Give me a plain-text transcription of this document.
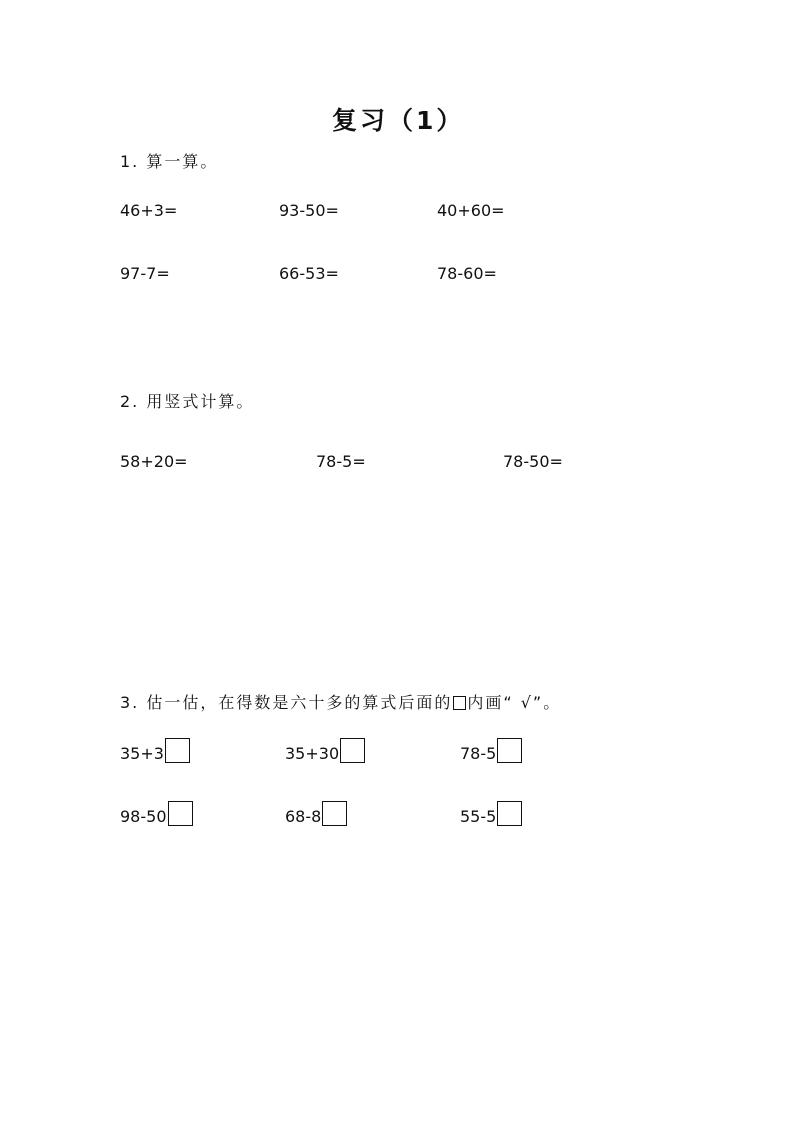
复习（1）
1. 算一算。
46+3=	93-50=	40+60=
97-7=	66-53=	78-60=
2. 用竖式计算。
58+20=	78-5=	78-50=
3. 估一估，在得数是六十多的算式后面的 内画“ √”。
35+3	35+30	78-5
98-50	68-8	55-5
